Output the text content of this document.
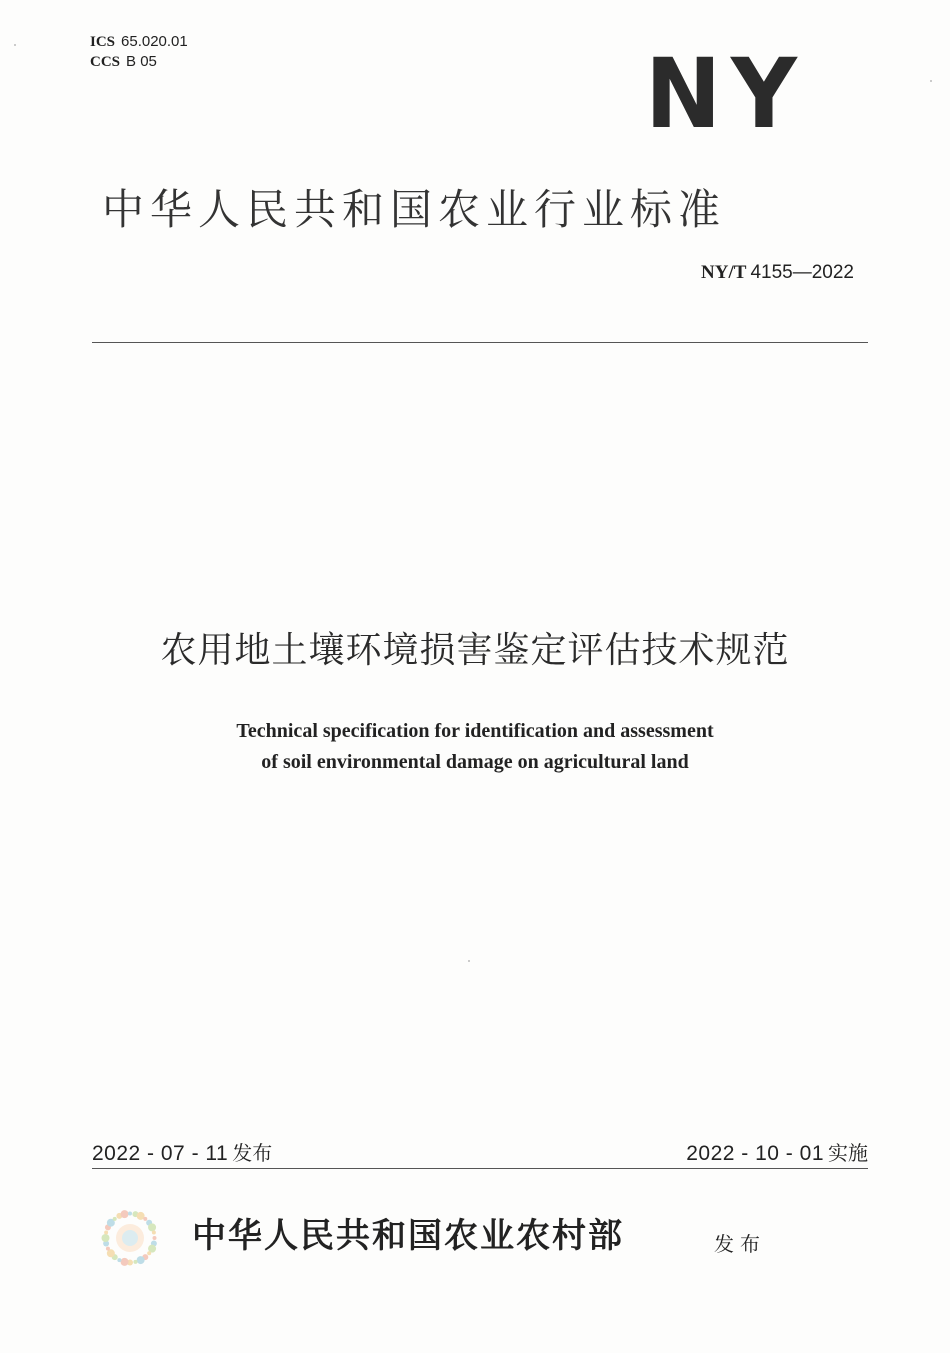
ICS 65.020.01
CCS B 05	NY
中华人民共和国农业行业标准
NY/T 4155—2022
农用地土壤环境损害鉴定评估技术规范
Technical specification for identification and assessment
of soil environmental damage on agricultural land
2022 - 07 - 11 发布	2022 - 10 - 01 实施
中华人民共和国农业农村部	发布
